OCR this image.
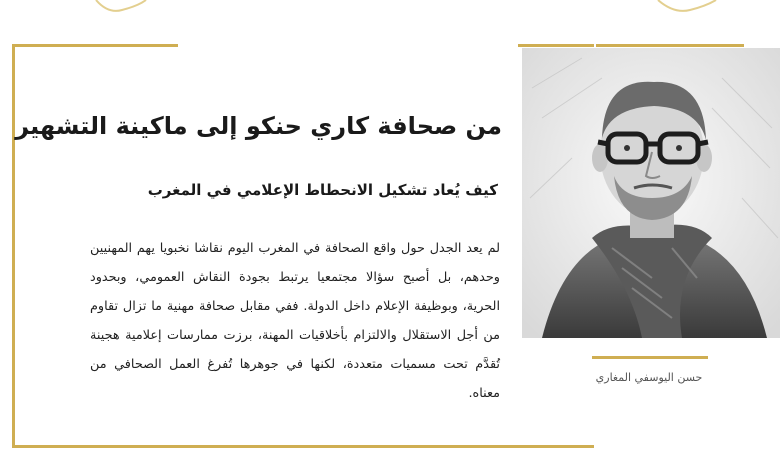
من صحافة كاري حنكو إلى ماكينة التشهير
كيف يُعاد تشكيل الانحطاط الإعلامي في المغرب
لم يعد الجدل حول واقع الصحافة في المغرب اليوم نقاشا نخبويا يهم المهنيين وحدهم، بل أصبح سؤالا مجتمعيا يرتبط بجودة النقاش العمومي، وبحدود الحرية، وبوظيفة الإعلام داخل الدولة. ففي مقابل صحافة مهنية ما تزال تقاوم من أجل الاستقلال والالتزام بأخلاقيات المهنة، برزت ممارسات إعلامية هجينة تُقدَّم تحت مسميات متعددة، لكنها في جوهرها تُفرغ العمل الصحافي من معناه.
حسن اليوسفي المغاري
